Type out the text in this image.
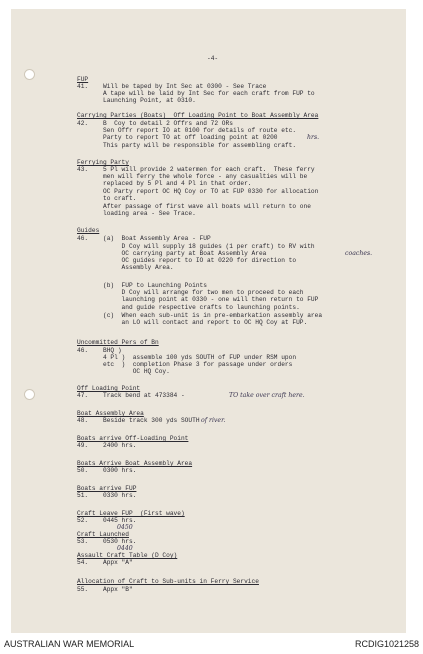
-4-
FUP
41.    Will be taped by Int Sec at 0300 - See Trace
A tape will be laid by Int Sec for each craft from FUP to
Launching Point, at 0310.
Carrying Parties (Boats)  Off Loading Point to Boat Assembly Area
42.    B  Coy to detail 2 Offrs and 72 ORs
Sen Offr report IO at 0100 for details of route etc.
Party to report TO at off loading point at 0200	hrs.
This party will be responsible for assembling craft.
Ferrying Party
43.    5 Pl will provide 2 watermen for each craft.  These ferry
men will ferry the whole force - any casualties will be
replaced by 5 Pl and 4 Pl in that order.
OC Party report OC HQ Coy or TO at FUP 0330 for allocation
to craft.
After passage of first wave all boats will return to one
loading area - See Trace.
Guides
46.    (a)  Boat Assembly Area - FUP
D Coy will supply 18 guides (1 per craft) to RV with
OC carrying party at Boat Assembly Area	coaches.
OC guides report to IO at 0220 for direction to
Assembly Area.
(b)  FUP to Launching Points
D Coy will arrange for two men to proceed to each
launching point at 0330 - one will then return to FUP
and guide respective crafts to launching points.
(c)  When each sub-unit is in pre-embarkation assembly area
an LO will contact and report to OC HQ Coy at FUP.
Uncommitted Pers of Bn
46.    BHQ )
4 Pl )  assemble 100 yds SOUTH of FUP under RSM upon
etc  )  completion Phase 3 for passage under orders
OC HQ Coy.
Off Loading Point
47.    Track bend at 473384 -	TO take over craft here.
Boat Assembly Area
48.    Beside track 300 yds SOUTH of river.
Boats arrive Off-Loading Point
49.    2400 hrs.
Boats Arrive Boat Assembly Area
50.    0300 hrs.
Boats arrive FUP
51.    0330 hrs.
Craft Leave FUP  (First wave)
52.    0445 hrs.
0450
Craft Launched
53.    0530 hrs.
0440
Assault Craft Table (D Coy)
54.    Appx "A"
Allocation of Craft to Sub-units in Ferry Service
55.    Appx "B"
AUSTRALIAN WAR MEMORIAL	RCDIG1021258
